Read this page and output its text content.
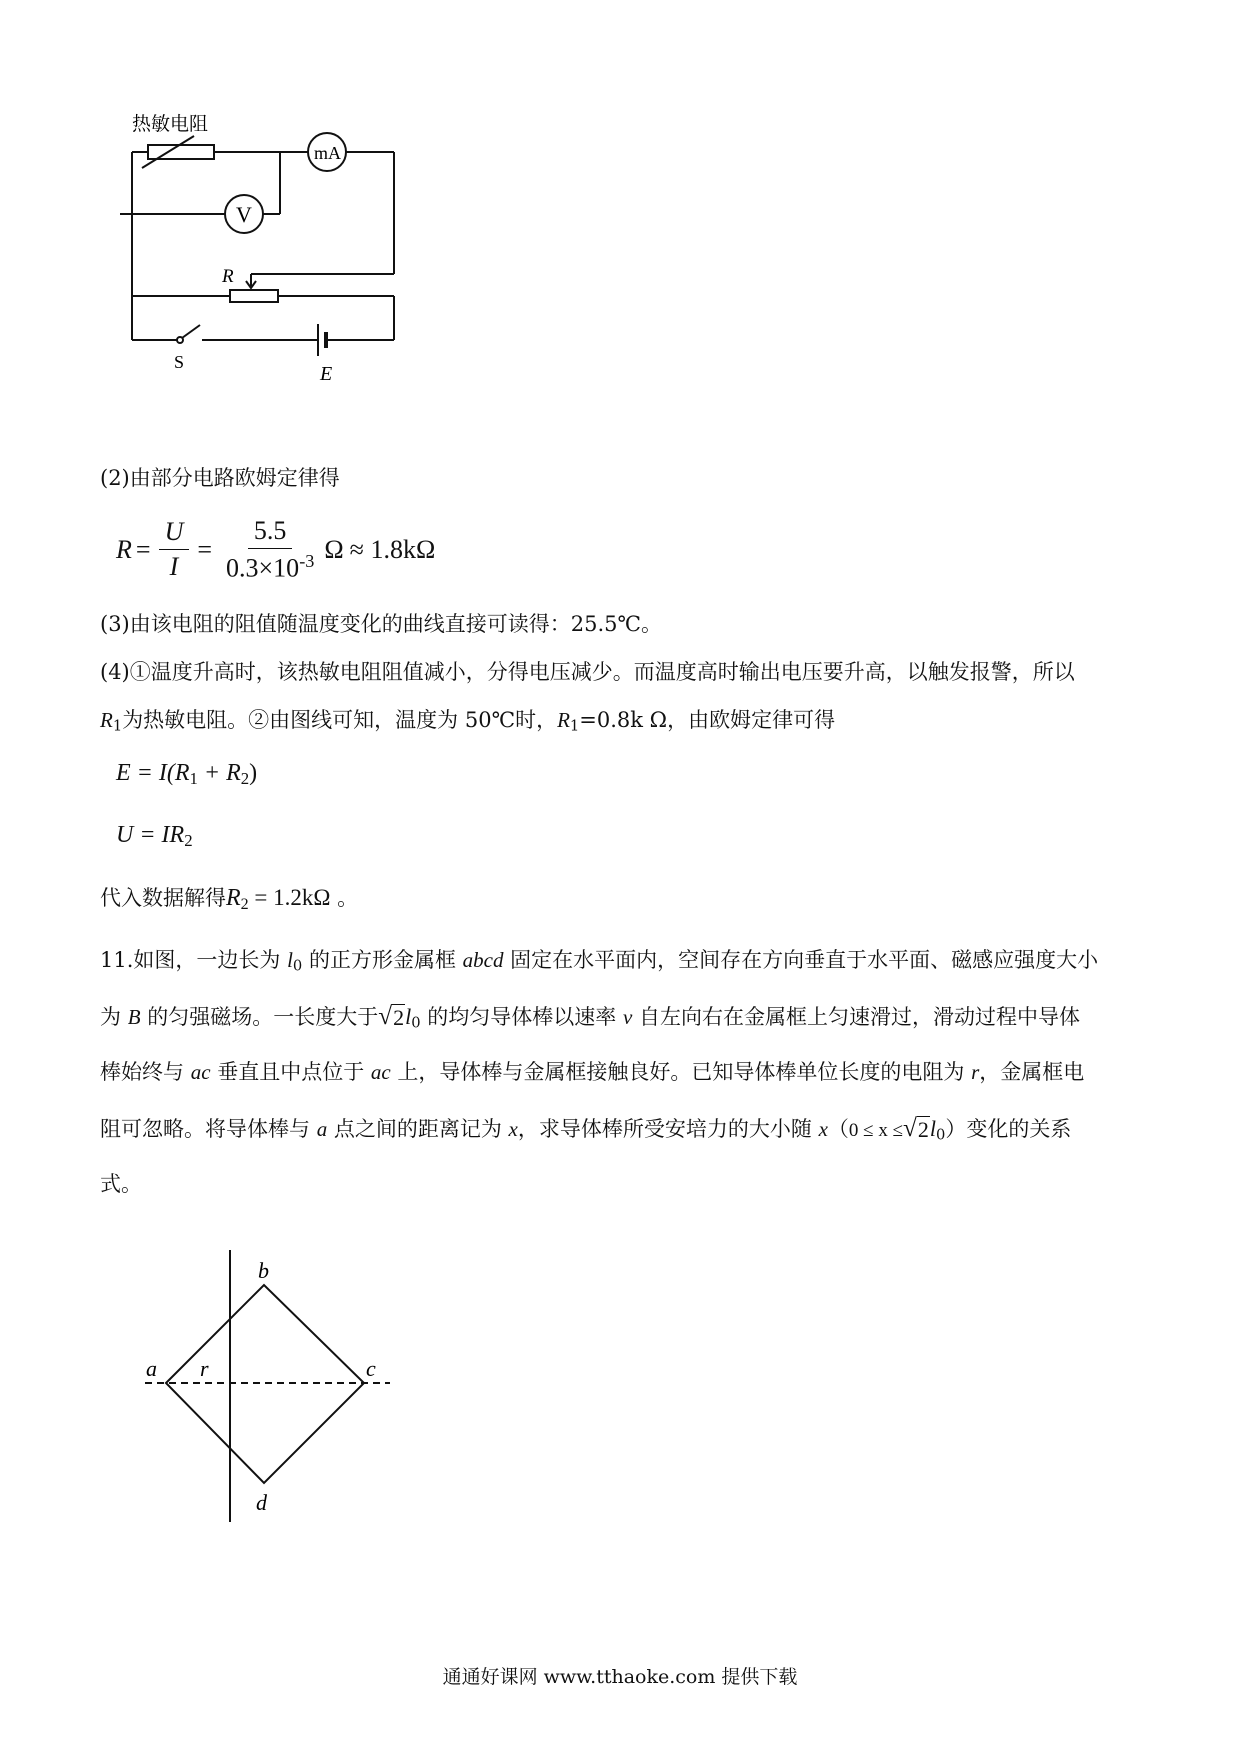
热敏电阻
mA
V
R
S
E
(2)由部分电路欧姆定律得
$R = \frac{U}{I} = \frac{5.5}{0.3\times 10^{-3}}$ Ω ≈ 1.8kΩ
(3)由该电阻的阻值随温度变化的曲线直接可读得：25.5℃。
(4)①温度升高时，该热敏电阻阻值减小，分得电压减少。而温度高时输出电压要升高，以触发报警，所以
$R_1$为热敏电阻。②由图线可知，温度为 50℃时，$R_1=0.8k$ Ω，由欧姆定律可得
$E = I(R_1 + R_2)$
$U = IR_2$
代入数据解得$R_2 = 1.2k\Omega$ 。
11.如图，一边长为 $l_0$ 的正方形金属框 abcd 固定在水平面内，空间存在方向垂直于水平面、磁感应强度大小
为 B 的匀强磁场。一长度大于 √ 2 $l_0$ 的均匀导体棒以速率 v 自左向右在金属框上匀速滑过，滑动过程中导体
棒始终与 ac 垂直且中点位于 ac 上，导体棒与金属框接触良好。已知导体棒单位长度的电阻为 r，金属框电
阻可忽略。将导体棒与 a 点之间的距离记为 x，求导体棒所受安培力的大小随 x（0 ≤ x ≤ √ 2 $l_0$）变化的关系
式。
a
b
c
d
r
通通好课网 www.tthaoke.com 提供下载
